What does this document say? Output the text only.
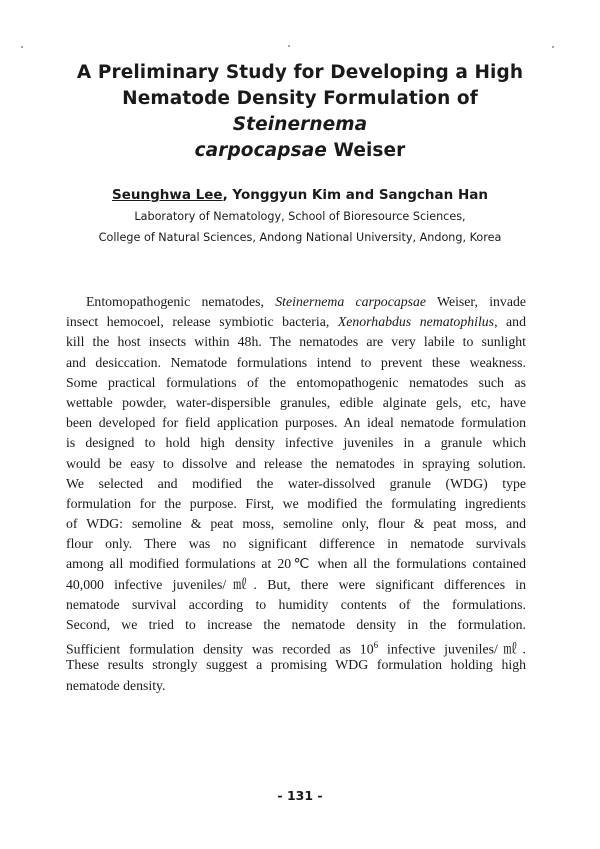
A Preliminary Study for Developing a High
Nematode Density Formulation of Steinernema
carpocapsae Weiser
Seunghwa Lee, Yonggyun Kim and Sangchan Han
Laboratory of Nematology, School of Bioresource Sciences,
College of Natural Sciences, Andong National University, Andong, Korea
Entomopathogenic nematodes, Steinernema carpocapsae Weiser, invade
insect hemocoel, release symbiotic bacteria, Xenorhabdus nematophilus, and
kill the host insects within 48h. The nematodes are very labile to sunlight
and desiccation. Nematode formulations intend to prevent these weakness.
Some practical formulations of the entomopathogenic nematodes such as
wettable powder, water-dispersible granules, edible alginate gels, etc, have
been developed for field application purposes. An ideal nematode formulation
is designed to hold high density infective juveniles in a granule which
would be easy to dissolve and release the nematodes in spraying solution.
We selected and modified the water-dissolved granule (WDG) type
formulation for the purpose. First, we modified the formulating ingredients
of WDG: semoline & peat moss, semoline only, flour & peat moss, and
flour only. There was no significant difference in nematode survivals
among all modified formulations at 20℃ when all the formulations contained
40,000 infective juveniles/㎖. But, there were significant differences in
nematode survival according to humidity contents of the formulations.
Second, we tried to increase the nematode density in the formulation.
Sufficient formulation density was recorded as $10^6$ infective juveniles/㎖.
These results strongly suggest a promising WDG formulation holding high
nematode density.
- 131 -
